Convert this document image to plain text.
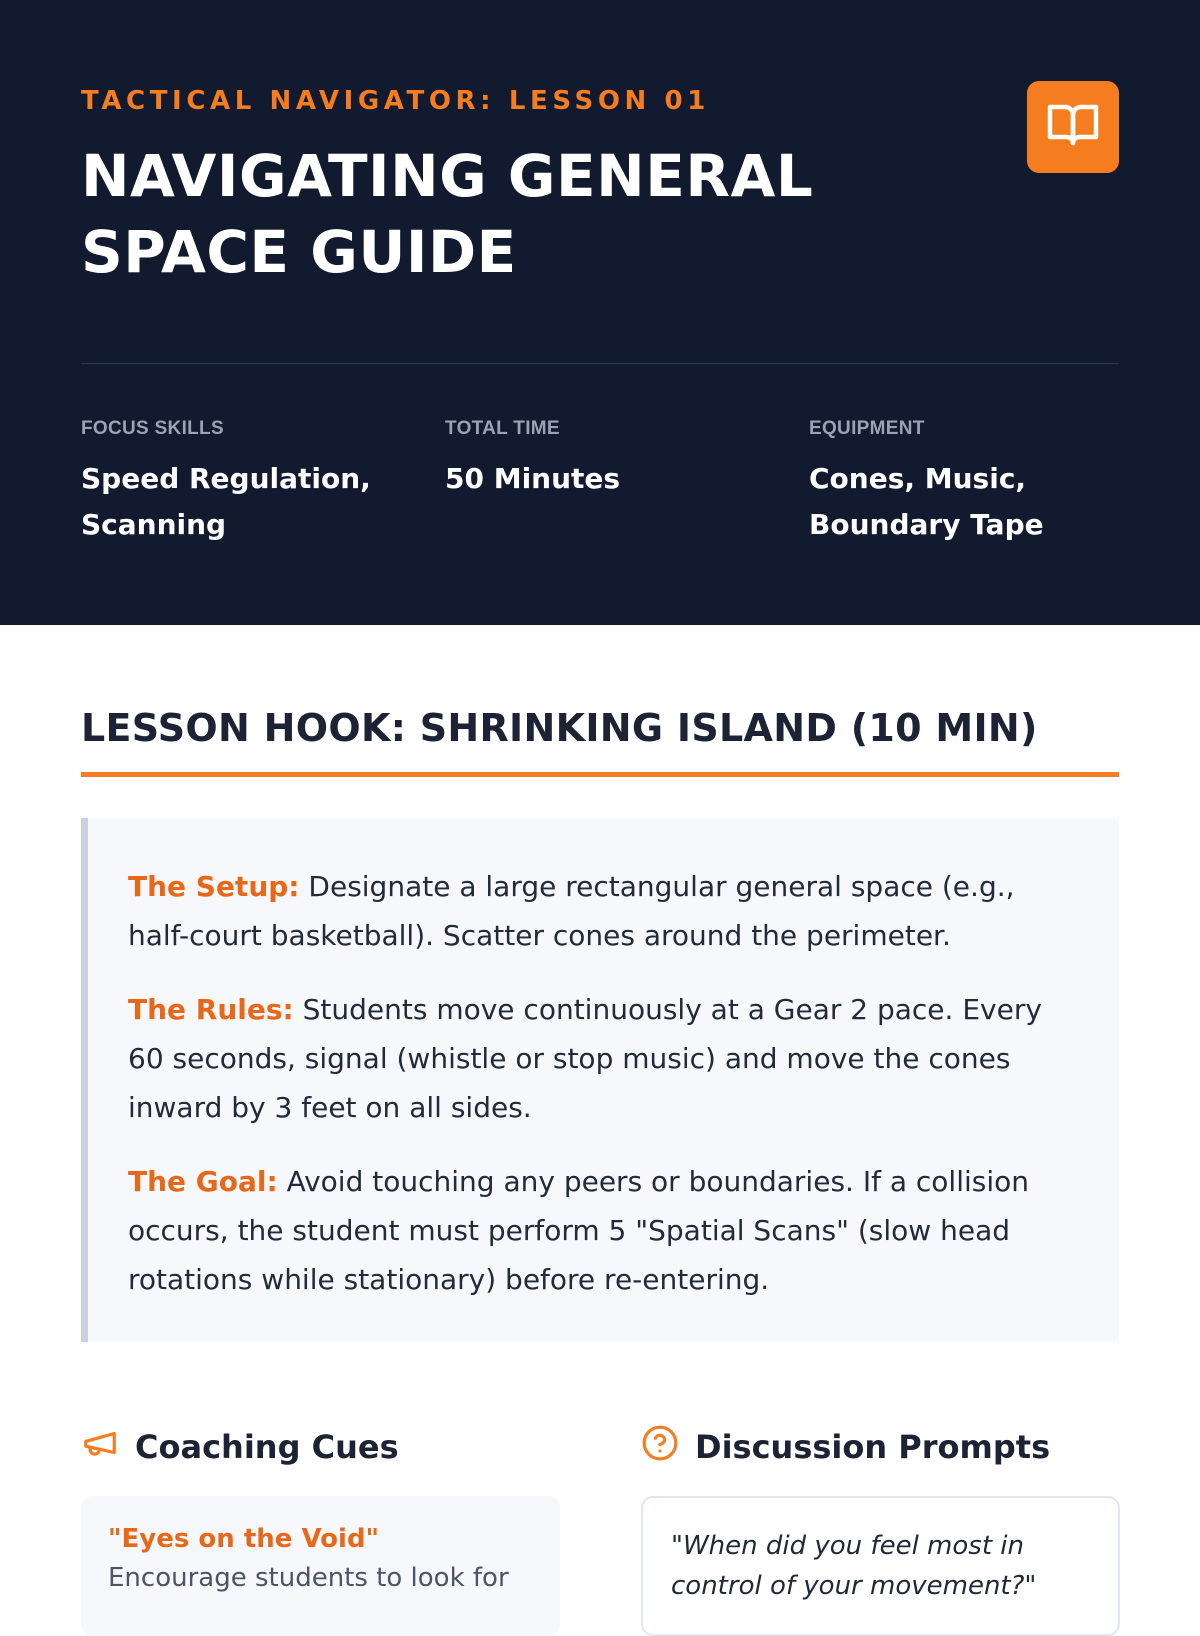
TACTICAL NAVIGATOR: LESSON 01
NAVIGATING GENERAL SPACE GUIDE
FOCUS SKILLS
Speed Regulation, Scanning
TOTAL TIME
50 Minutes
EQUIPMENT
Cones, Music, Boundary Tape
LESSON HOOK: SHRINKING ISLAND (10 MIN)

The Setup: Designate a large rectangular general space (e.g., half-court basketball). Scatter cones around the perimeter.

The Rules: Students move continuously at a Gear 2 pace. Every 60 seconds, signal (whistle or stop music) and move the cones inward by 3 feet on all sides.

The Goal: Avoid touching any peers or boundaries. If a collision occurs, the student must perform 5 "Spatial Scans" (slow head rotations while stationary) before re-entering.

Coaching Cues	Discussion Prompts
"Eyes on the Void"
Encourage students to look for
"When did you feel most in control of your movement?"
